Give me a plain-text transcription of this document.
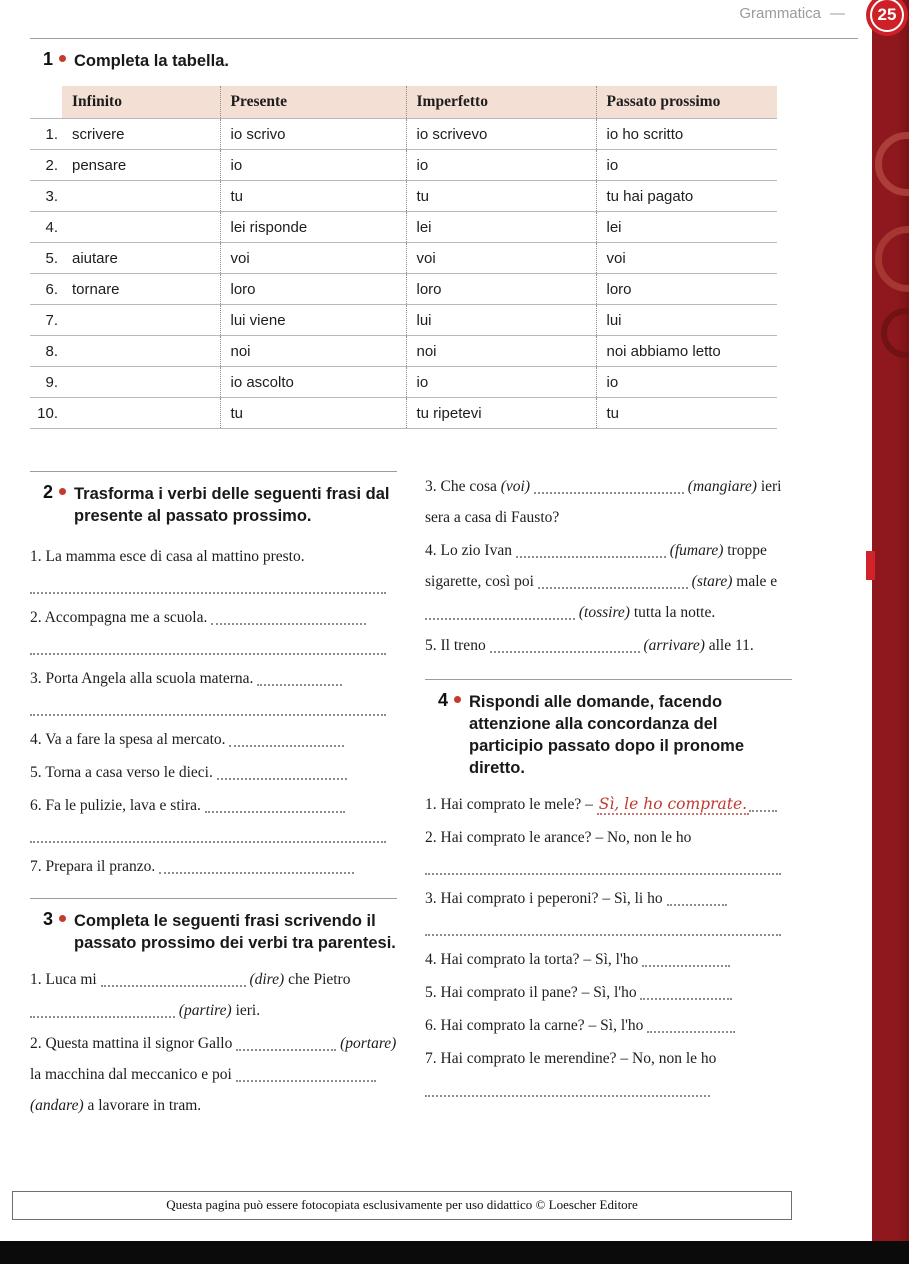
Grammatica — 25
1	Completa la tabella.
	Infinito	Presente	Imperfetto	Passato prossimo
1.	scrivere	io scrivo	io scrivevo	io ho scritto
2.	pensare	io	io	io
3.		tu	tu	tu hai pagato
4.		lei risponde	lei	lei
5.	aiutare	voi	voi	voi
6.	tornare	loro	loro	loro
7.		lui viene	lui	lui
8.		noi	noi	noi abbiamo letto
9.		io ascolto	io	io
10.		tu	tu ripetevi	tu
2	Trasforma i verbi delle seguenti frasi dal presente al passato prossimo.
1. La mamma esce di casa al mattino presto.
2. Accompagna me a scuola.
3. Porta Angela alla scuola materna.
4. Va a fare la spesa al mercato.
5. Torna a casa verso le dieci.
6. Fa le pulizie, lava e stira.
7. Prepara il pranzo.
3	Completa le seguenti frasi scrivendo il passato prossimo dei verbi tra parentesi.
1. Luca mi	(dire) che Pietro  (partire) ieri.
2. Questa mattina il signor Gallo	(portare) la macchina dal meccanico e poi  (andare) a lavorare in tram.
3. Che cosa (voi)	(mangiare) ieri sera a casa di Fausto?
4. Lo zio Ivan	(fumare) troppe sigarette, così poi	(stare) male e  (tossire) tutta la notte.
5. Il treno	(arrivare) alle 11.
4	Rispondi alle domande, facendo attenzione alla concordanza del participio passato dopo il pronome diretto.
1. Hai comprato le mele? – Sì, le ho comprate.
2. Hai comprato le arance? – No, non le ho
3. Hai comprato i peperoni? – Sì, li ho
4. Hai comprato la torta? – Sì, l'ho
5. Hai comprato il pane? – Sì, l'ho
6. Hai comprato la carne? – Sì, l'ho
7. Hai comprato le merendine? – No, non le ho
Questa pagina può essere fotocopiata esclusivamente per uso didattico © Loescher Editore
